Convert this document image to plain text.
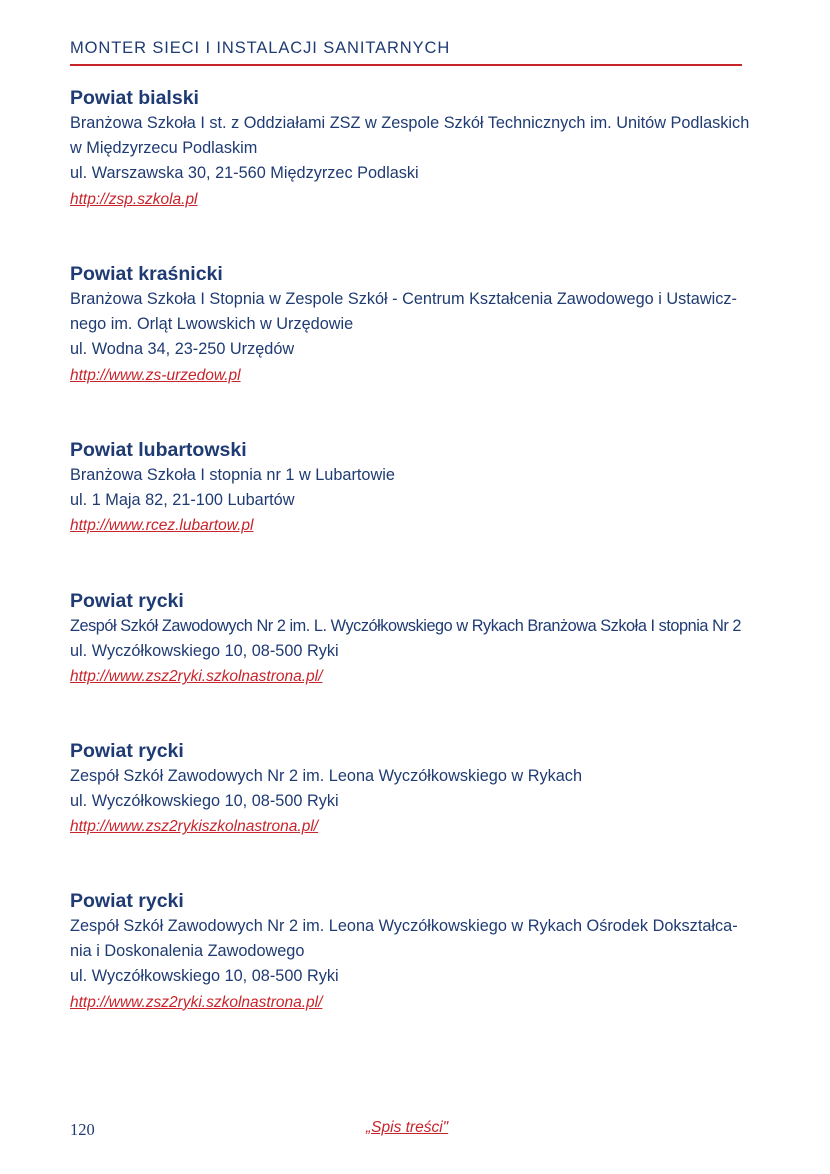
MONTER SIECI I INSTALACJI SANITARNYCH
Powiat bialski
Branżowa Szkoła I st. z Oddziałami ZSZ w Zespole Szkół Technicznych im. Unitów Podlaskich
w Międzyrzecu Podlaskim
ul. Warszawska 30, 21-560 Międzyrzec Podlaski
http://zsp.szkola.pl
Powiat kraśnicki
Branżowa Szkoła I Stopnia w Zespole Szkół - Centrum Kształcenia Zawodowego i Ustawicz-
nego im. Orląt Lwowskich w Urzędowie
ul. Wodna 34, 23-250 Urzędów
http://www.zs-urzedow.pl
Powiat lubartowski
Branżowa Szkoła I stopnia nr 1 w Lubartowie
ul. 1 Maja 82, 21-100 Lubartów
http://www.rcez.lubartow.pl
Powiat rycki
Zespół Szkół Zawodowych Nr 2 im. L. Wyczółkowskiego w Rykach Branżowa Szkoła I stopnia Nr 2
ul. Wyczółkowskiego 10, 08-500 Ryki
http://www.zsz2ryki.szkolnastrona.pl/
Powiat rycki
Zespół Szkół Zawodowych Nr 2 im. Leona Wyczółkowskiego w Rykach
ul. Wyczółkowskiego 10, 08-500 Ryki
http://www.zsz2rykiszkolnastrona.pl/
Powiat rycki
Zespół Szkół Zawodowych Nr 2 im. Leona Wyczółkowskiego w Rykach Ośrodek Dokształca-
nia i Doskonalenia Zawodowego
ul. Wyczółkowskiego 10, 08-500 Ryki
http://www.zsz2ryki.szkolnastrona.pl/
120	„Spis treści"
